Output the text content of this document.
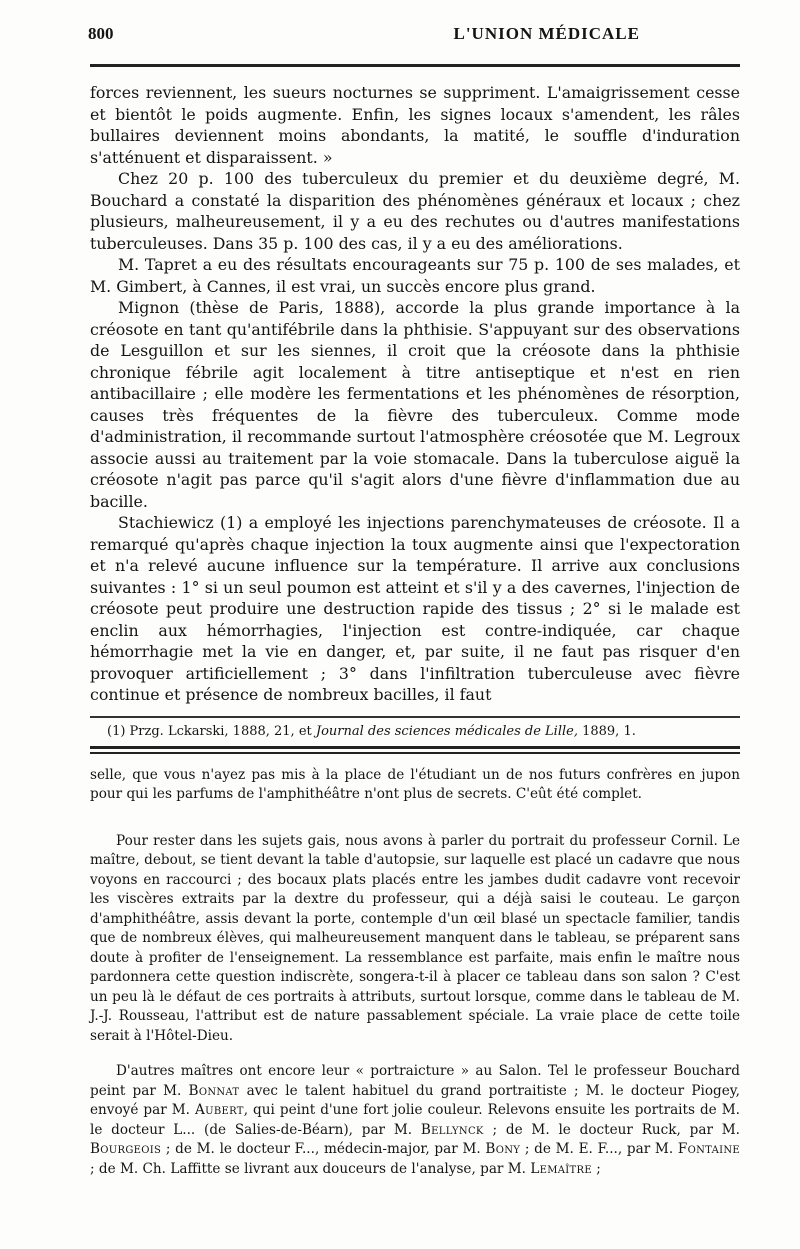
800	L'UNION MÉDICALE

forces reviennent, les sueurs nocturnes se suppriment. L'amaigrissement cesse et bientôt le poids augmente. Enfin, les signes locaux s'amendent, les râles bullaires deviennent moins abondants, la matité, le souffle d'induration s'atténuent et disparaissent. »

Chez 20 p. 100 des tuberculeux du premier et du deuxième degré, M. Bouchard a constaté la disparition des phénomènes généraux et locaux ; chez plusieurs, malheureusement, il y a eu des rechutes ou d'autres manifestations tuberculeuses. Dans 35 p. 100 des cas, il y a eu des améliorations.

M. Tapret a eu des résultats encourageants sur 75 p. 100 de ses malades, et M. Gimbert, à Cannes, il est vrai, un succès encore plus grand.

Mignon (thèse de Paris, 1888), accorde la plus grande importance à la créosote en tant qu'antifébrile dans la phthisie. S'appuyant sur des observations de Lesguillon et sur les siennes, il croit que la créosote dans la phthisie chronique fébrile agit localement à titre antiseptique et n'est en rien antibacillaire ; elle modère les fermentations et les phénomènes de résorption, causes très fréquentes de la fièvre des tuberculeux. Comme mode d'administration, il recommande surtout l'atmosphère créosotée que M. Legroux associe aussi au traitement par la voie stomacale. Dans la tuberculose aiguë la créosote n'agit pas parce qu'il s'agit alors d'une fièvre d'inflammation due au bacille.

Stachiewicz (1) a employé les injections parenchymateuses de créosote. Il a remarqué qu'après chaque injection la toux augmente ainsi que l'expectoration et n'a relevé aucune influence sur la température. Il arrive aux conclusions suivantes : 1° si un seul poumon est atteint et s'il y a des cavernes, l'injection de créosote peut produire une destruction rapide des tissus ; 2° si le malade est enclin aux hémorrhagies, l'injection est contre-indiquée, car chaque hémorrhagie met la vie en danger, et, par suite, il ne faut pas risquer d'en provoquer artificiellement ; 3° dans l'infiltration tuberculeuse avec fièvre continue et présence de nombreux bacilles, il faut

(1) Przg. Lckarski, 1888, 21, et Journal des sciences médicales de Lille, 1889, 1.

selle, que vous n'ayez pas mis à la place de l'étudiant un de nos futurs confrères en jupon pour qui les parfums de l'amphithéâtre n'ont plus de secrets. C'eût été complet.

Pour rester dans les sujets gais, nous avons à parler du portrait du professeur Cornil. Le maître, debout, se tient devant la table d'autopsie, sur laquelle est placé un cadavre que nous voyons en raccourci ; des bocaux plats placés entre les jambes dudit cadavre vont recevoir les viscères extraits par la dextre du professeur, qui a déjà saisi le couteau. Le garçon d'amphithéâtre, assis devant la porte, contemple d'un œil blasé un spectacle familier, tandis que de nombreux élèves, qui malheureusement manquent dans le tableau, se préparent sans doute à profiter de l'enseignement. La ressemblance est parfaite, mais enfin le maître nous pardonnera cette question indiscrète, songera-t-il à placer ce tableau dans son salon ? C'est un peu là le défaut de ces portraits à attributs, surtout lorsque, comme dans le tableau de M. J.-J. Rousseau, l'attribut est de nature passablement spéciale. La vraie place de cette toile serait à l'Hôtel-Dieu.

D'autres maîtres ont encore leur « portraicture » au Salon. Tel le professeur Bouchard peint par M. Bonnat avec le talent habituel du grand portraitiste ; M. le docteur Piogey, envoyé par M. Aubert, qui peint d'une fort jolie couleur. Relevons ensuite les portraits de M. le docteur L... (de Salies-de-Béarn), par M. Bellynck ; de M. le docteur Ruck, par M. Bourgeois ; de M. le docteur F..., médecin-major, par M. Bony ; de M. E. F..., par M. Fontaine ; de M. Ch. Laffitte se livrant aux douceurs de l'analyse, par M. Lemaître ;
